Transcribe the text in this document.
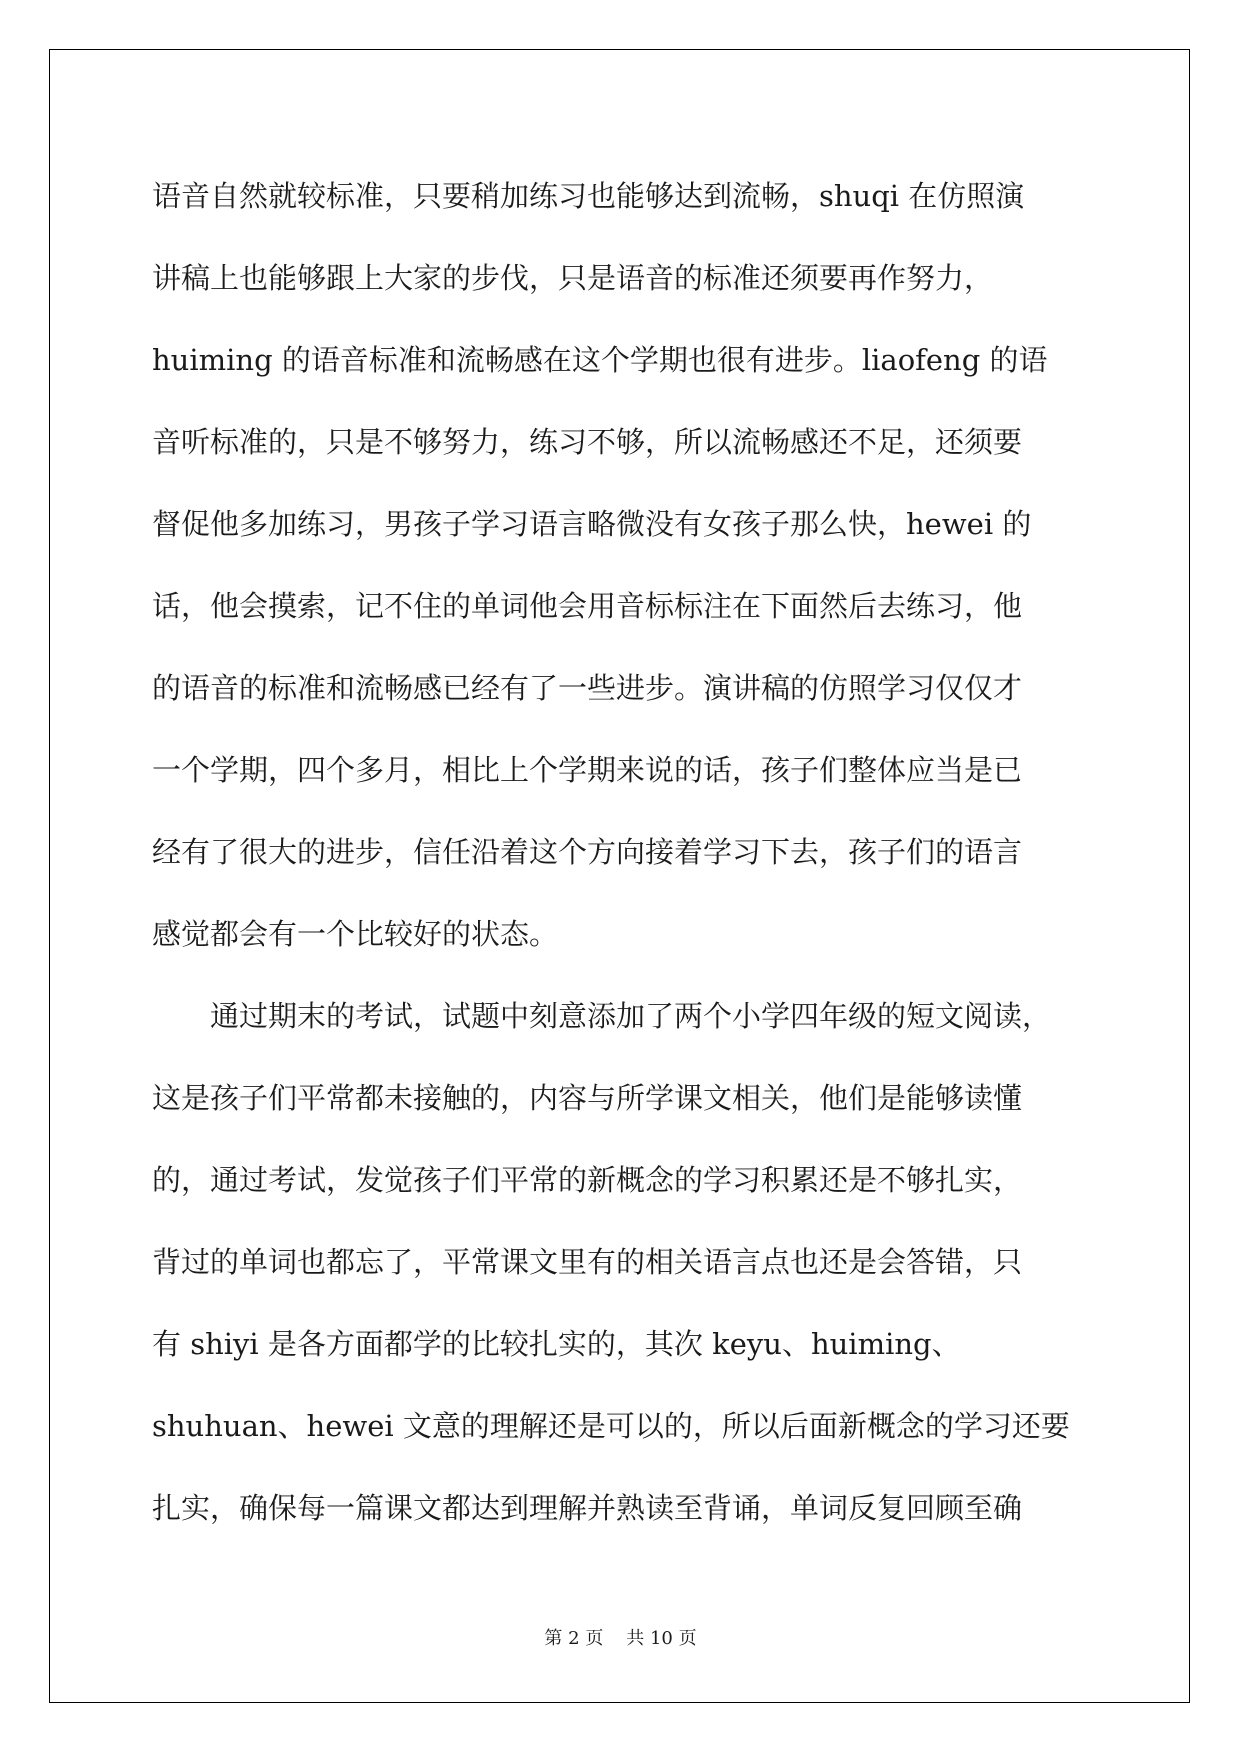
语音自然就较标准，只要稍加练习也能够达到流畅，shuqi 在仿照演
讲稿上也能够跟上大家的步伐，只是语音的标准还须要再作努力，
huiming 的语音标准和流畅感在这个学期也很有进步。liaofeng 的语
音听标准的，只是不够努力，练习不够，所以流畅感还不足，还须要
督促他多加练习，男孩子学习语言略微没有女孩子那么快，hewei 的
话，他会摸索，记不住的单词他会用音标标注在下面然后去练习，他
的语音的标准和流畅感已经有了一些进步。演讲稿的仿照学习仅仅才
一个学期，四个多月，相比上个学期来说的话，孩子们整体应当是已
经有了很大的进步，信任沿着这个方向接着学习下去，孩子们的语言
感觉都会有一个比较好的状态。
　　通过期末的考试，试题中刻意添加了两个小学四年级的短文阅读，
这是孩子们平常都未接触的，内容与所学课文相关，他们是能够读懂
的，通过考试，发觉孩子们平常的新概念的学习积累还是不够扎实，
背过的单词也都忘了，平常课文里有的相关语言点也还是会答错，只
有 shiyi 是各方面都学的比较扎实的，其次 keyu、huiming、
shuhuan、hewei 文意的理解还是可以的，所以后面新概念的学习还要
扎实，确保每一篇课文都达到理解并熟读至背诵，单词反复回顾至确
第 2 页 共 10 页
